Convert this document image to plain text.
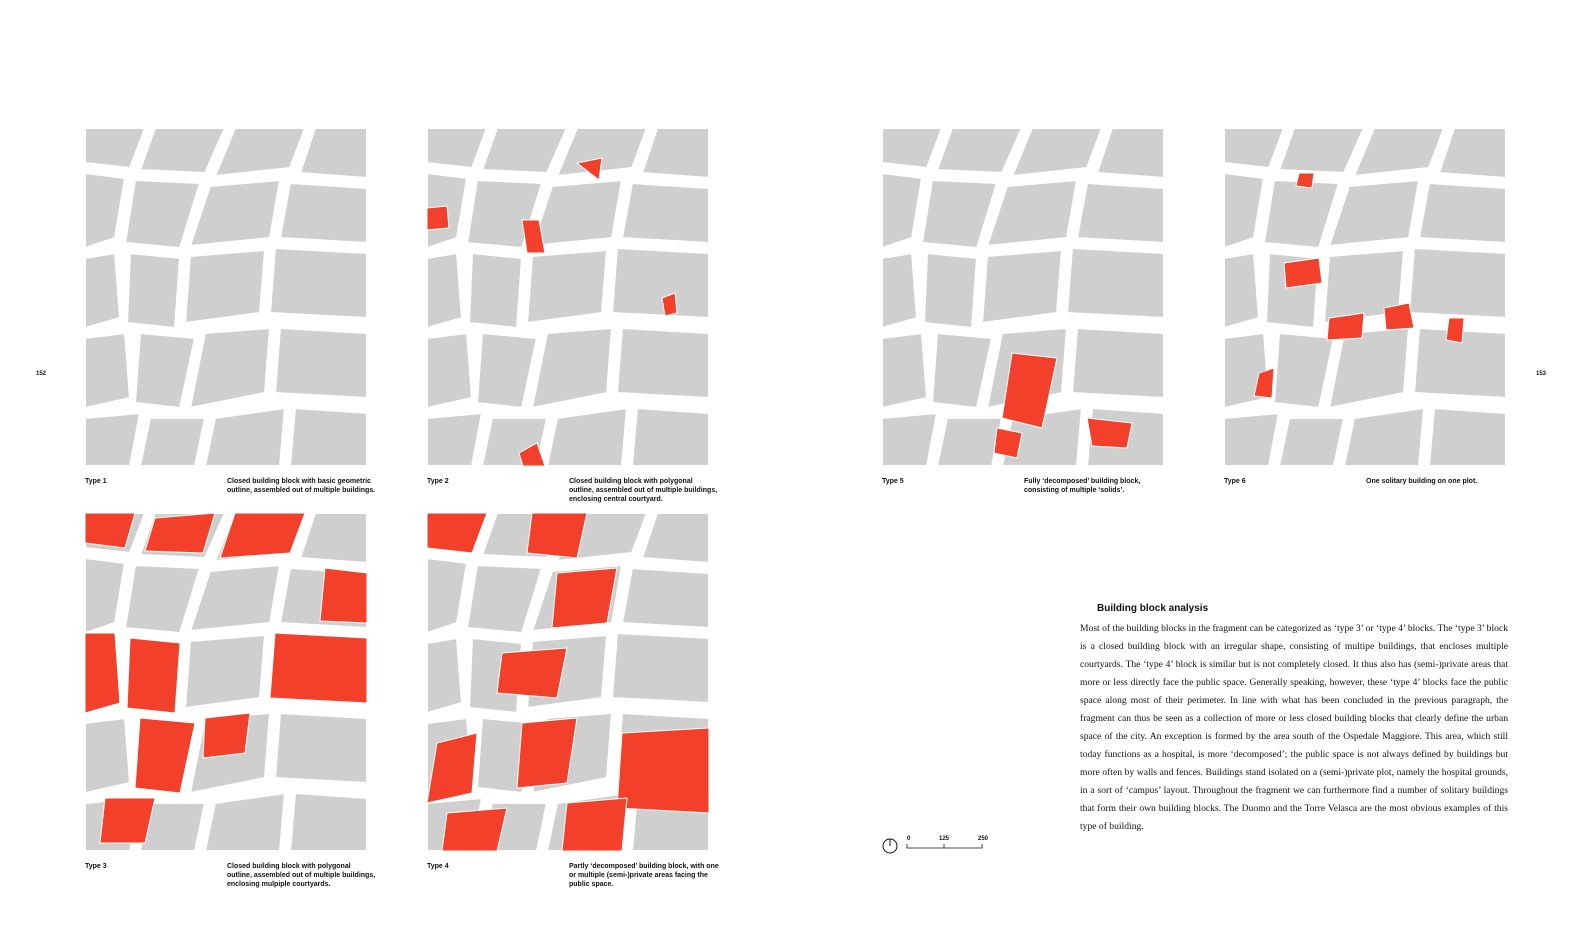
152	153
Type 1	Closed building block with basic geometric outline, assembled out of multiple buildings.
Type 2	Closed building block with polygonal outline, assembled out of multiple buildings, enclosing central courtyard.
Type 5	Fully ‘decomposed’ building block, consisting of multiple ‘solids’.
Type 6	One solitary building on one plot.
Type 3	Closed building block with polygonal outline, assembled out of multiple buildings, enclosing mulpiple courtyards.
Type 4	Partly ‘decomposed’ building block, with one or multiple (semi-)private areas facing the public space.
Building block analysis
Most of the building blocks in the fragment can be categorized as ‘type 3’ or ‘type 4’ blocks. The ‘type 3’ block is a closed building block with an irregular shape, consisting of multipe buildings, that encloses multiple courtyards. The ‘type 4’ block is similar but is not completely closed. It thus also has (semi-)private areas that more or less directly face the public space. Generally speaking, however, these ‘type 4’ blocks face the public space along most of their perimeter. In line with what has been concluded in the previous paragraph, the fragment can thus be seen as a collection of more or less closed building blocks that clearly define the urban space of the city. An exception is formed by the area south of the Ospedale Maggiore. This area, which still today functions as a hospital, is more ‘decomposed’; the public space is not always defined by buildings but more often by walls and fences. Buildings stand isolated on a (semi-)private plot, namely the hospital grounds, in a sort of ‘campus’ layout. Throughout the fragment we can furthermore find a number of solitary buildings that form their own building blocks. The Duomo and the Torre Velasca are the most obvious examples of this type of building.
0	125	250
